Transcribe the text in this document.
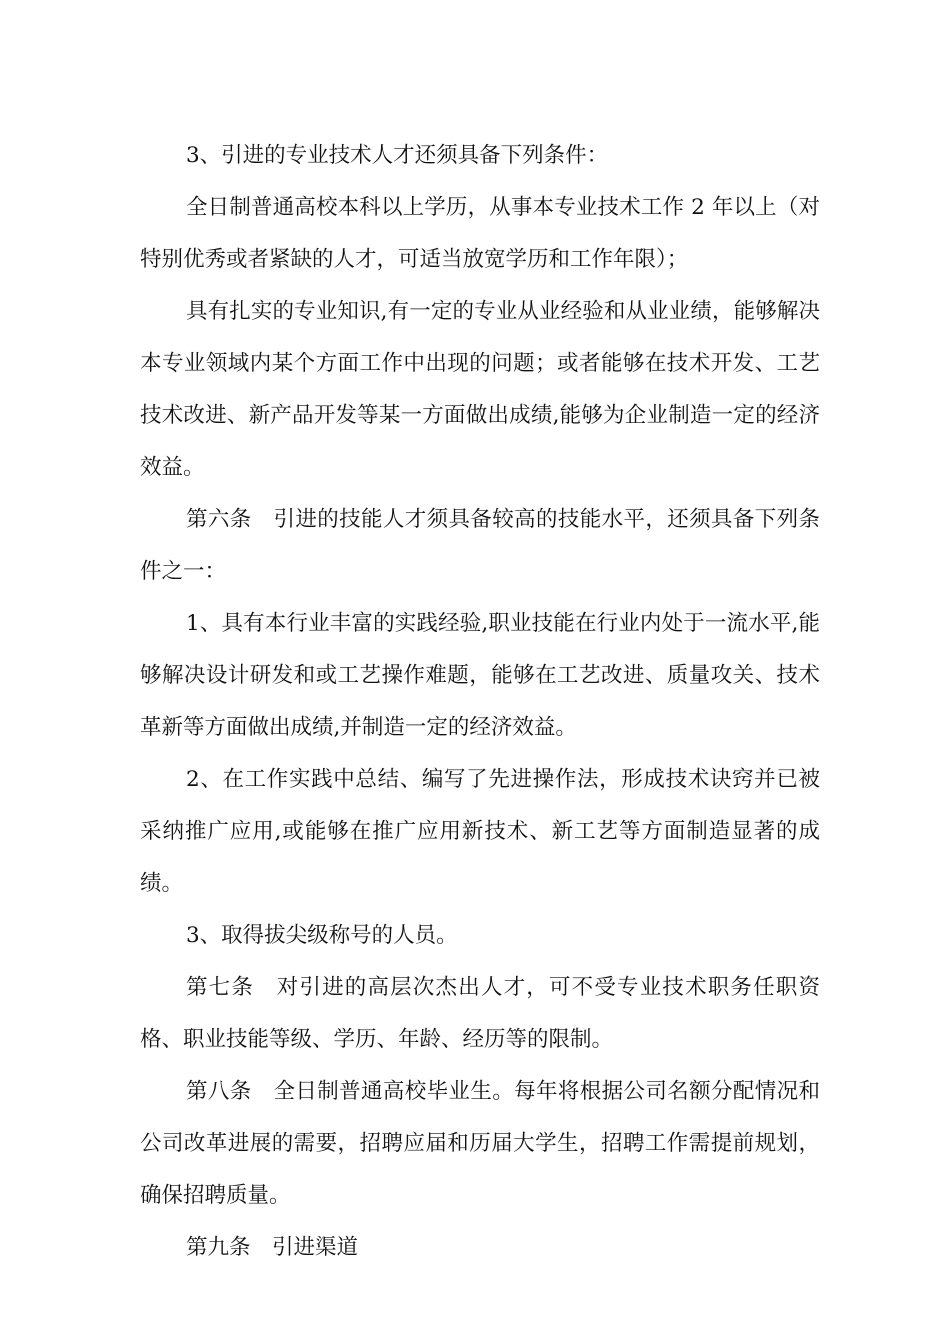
3、引进的专业技术人才还须具备下列条件：

全日制普通高校本科以上学历，从事本专业技术工作 2 年以上（对特别优秀或者紧缺的人才，可适当放宽学历和工作年限）；

具有扎实的专业知识,有一定的专业从业经验和从业业绩，能够解决本专业领域内某个方面工作中出现的问题；或者能够在技术开发、工艺技术改进、新产品开发等某一方面做出成绩,能够为企业制造一定的经济效益。

第六条　引进的技能人才须具备较高的技能水平，还须具备下列条件之一：

1、具有本行业丰富的实践经验,职业技能在行业内处于一流水平,能够解决设计研发和或工艺操作难题，能够在工艺改进、质量攻关、技术革新等方面做出成绩,并制造一定的经济效益。

2、在工作实践中总结、编写了先进操作法，形成技术诀窍并已被采纳推广应用,或能够在推广应用新技术、新工艺等方面制造显著的成绩。

3、取得拔尖级称号的人员。

第七条　对引进的高层次杰出人才，可不受专业技术职务任职资格、职业技能等级、学历、年龄、经历等的限制。

第八条　全日制普通高校毕业生。每年将根据公司名额分配情况和公司改革进展的需要，招聘应届和历届大学生，招聘工作需提前规划，确保招聘质量。

第九条　引进渠道
